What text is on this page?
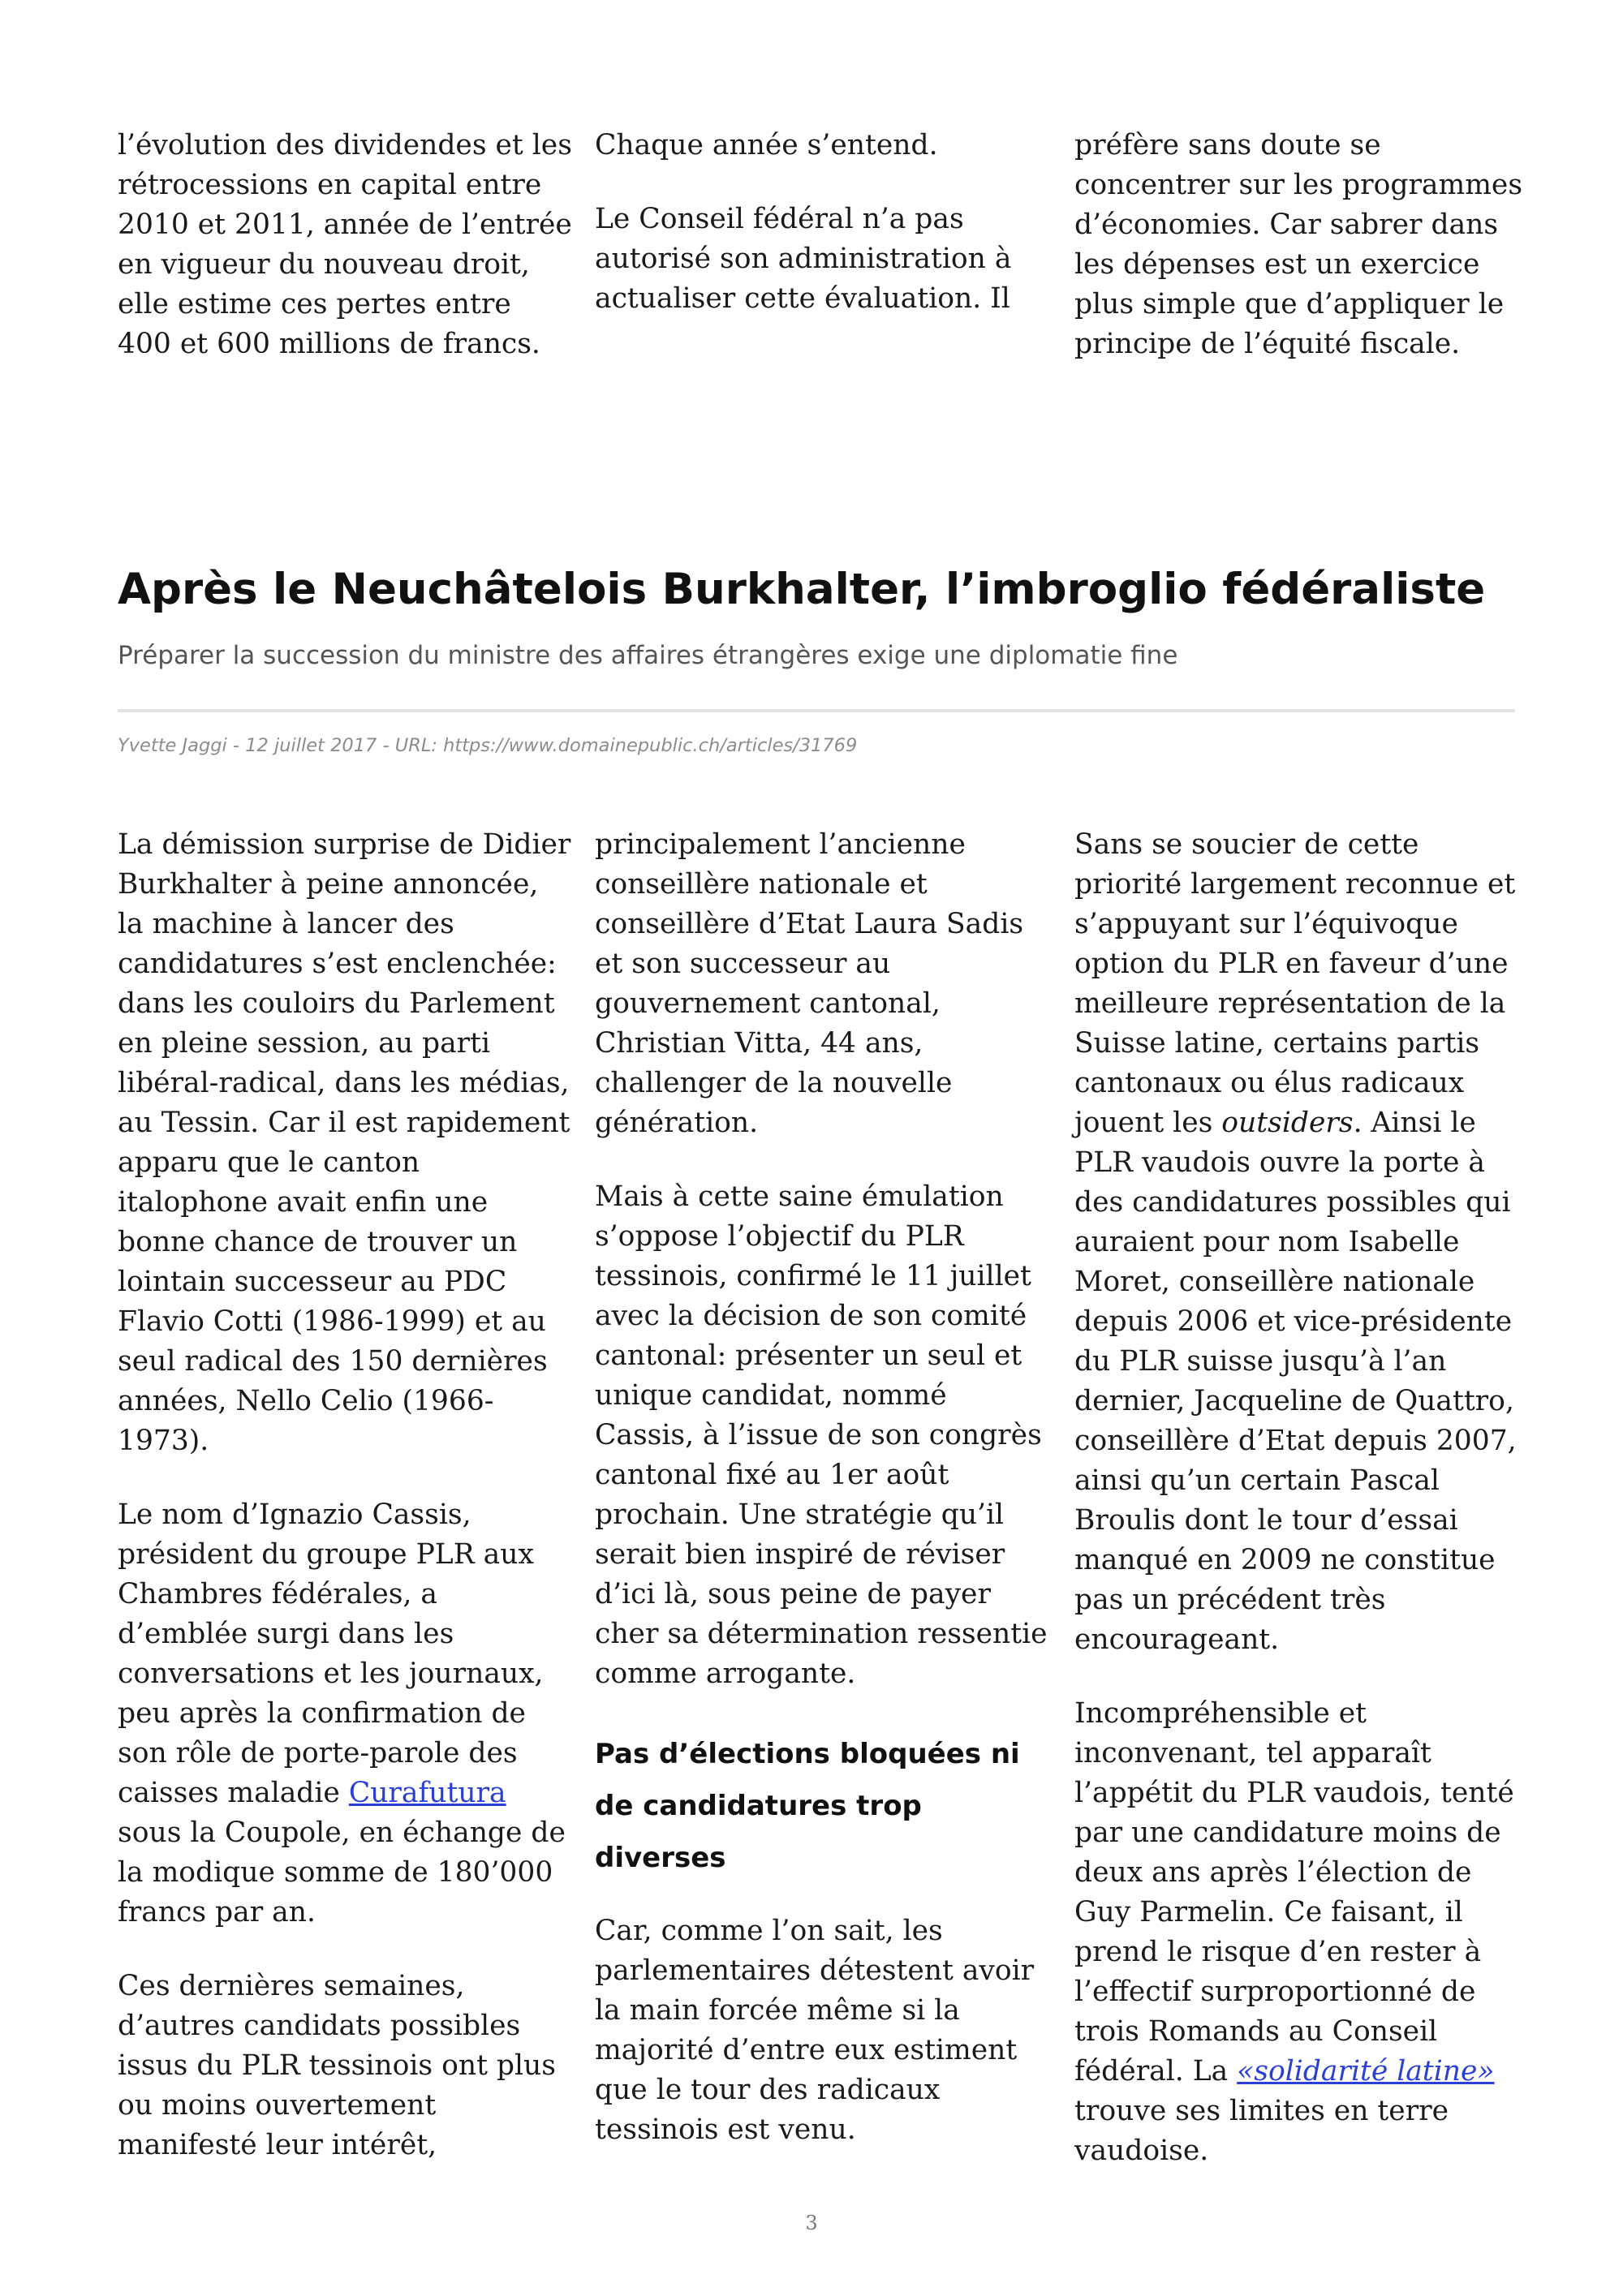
l’évolution des dividendes et les rétrocessions en capital entre 2010 et 2011, année de l’entrée en vigueur du nouveau droit, elle estime ces pertes entre 400 et 600 millions de francs.

Chaque année s’entend.

Le Conseil fédéral n’a pas autorisé son administration à actualiser cette évaluation. Il

préfère sans doute se concentrer sur les programmes d’économies. Car sabrer dans les dépenses est un exercice plus simple que d’appliquer le principe de l’équité fiscale.

Après le Neuchâtelois Burkhalter, l’imbroglio fédéraliste

Préparer la succession du ministre des affaires étrangères exige une diplomatie fine

Yvette Jaggi - 12 juillet 2017 - URL: https://www.domainepublic.ch/articles/31769

La démission surprise de Didier Burkhalter à peine annoncée, la machine à lancer des candidatures s’est enclenchée: dans les couloirs du Parlement en pleine session, au parti libéral-radical, dans les médias, au Tessin. Car il est rapidement apparu que le canton italophone avait enfin une bonne chance de trouver un lointain successeur au PDC Flavio Cotti (1986-1999) et au seul radical des 150 dernières années, Nello Celio (1966-1973).

Le nom d’Ignazio Cassis, président du groupe PLR aux Chambres fédérales, a d’emblée surgi dans les conversations et les journaux, peu après la confirmation de son rôle de porte-parole des caisses maladie Curafutura sous la Coupole, en échange de la modique somme de 180’000 francs par an.

Ces dernières semaines, d’autres candidats possibles issus du PLR tessinois ont plus ou moins ouvertement manifesté leur intérêt,

principalement l’ancienne conseillère nationale et conseillère d’Etat Laura Sadis et son successeur au gouvernement cantonal, Christian Vitta, 44 ans, challenger de la nouvelle génération.

Mais à cette saine émulation s’oppose l’objectif du PLR tessinois, confirmé le 11 juillet avec la décision de son comité cantonal: présenter un seul et unique candidat, nommé Cassis, à l’issue de son congrès cantonal fixé au 1er août prochain. Une stratégie qu’il serait bien inspiré de réviser d’ici là, sous peine de payer cher sa détermination ressentie comme arrogante.

Pas d’élections bloquées ni de candidatures trop diverses

Car, comme l’on sait, les parlementaires détestent avoir la main forcée même si la majorité d’entre eux estiment que le tour des radicaux tessinois est venu.

Sans se soucier de cette priorité largement reconnue et s’appuyant sur l’équivoque option du PLR en faveur d’une meilleure représentation de la Suisse latine, certains partis cantonaux ou élus radicaux jouent les outsiders. Ainsi le PLR vaudois ouvre la porte à des candidatures possibles qui auraient pour nom Isabelle Moret, conseillère nationale depuis 2006 et vice-présidente du PLR suisse jusqu’à l’an dernier, Jacqueline de Quattro, conseillère d’Etat depuis 2007, ainsi qu’un certain Pascal Broulis dont le tour d’essai manqué en 2009 ne constitue pas un précédent très encourageant.

Incompréhensible et inconvenant, tel apparaît l’appétit du PLR vaudois, tenté par une candidature moins de deux ans après l’élection de Guy Parmelin. Ce faisant, il prend le risque d’en rester à l’effectif surproportionné de trois Romands au Conseil fédéral. La «solidarité latine» trouve ses limites en terre vaudoise.

3
